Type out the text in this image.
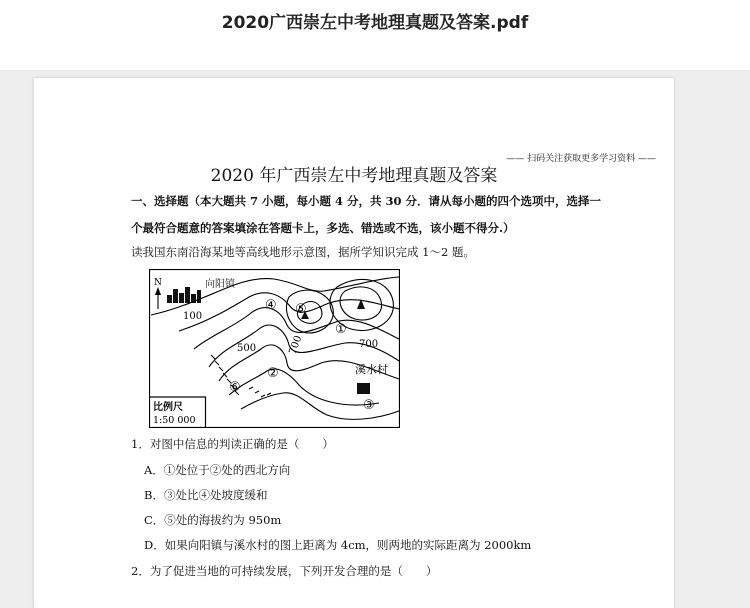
2020广西崇左中考地理真题及答案.pdf
—— 扫码关注获取更多学习资料 ——
2020 年广西崇左中考地理真题及答案
一、选择题（本大题共 7 小题，每小题 4 分，共 30 分．请从每小题的四个选项中，选择一
个最符合题意的答案填涂在答题卡上，多选、错选或不选，该小题不得分.）
读我国东南沿海某地等高线地形示意图，据所学知识完成 1～2 题。
N	向阳镇
100
500	700	700
①
②
③
④ ⑤
⑥
溪水村
比例尺
1:50 000
1．对图中信息的判读正确的是（　　）
A．①处位于②处的西北方向
B．③处比④处坡度缓和
C．⑤处的海拔约为 950m
D．如果向阳镇与溪水村的图上距离为 4cm，则两地的实际距离为 2000km
2．为了促进当地的可持续发展，下列开发合理的是（　　）
